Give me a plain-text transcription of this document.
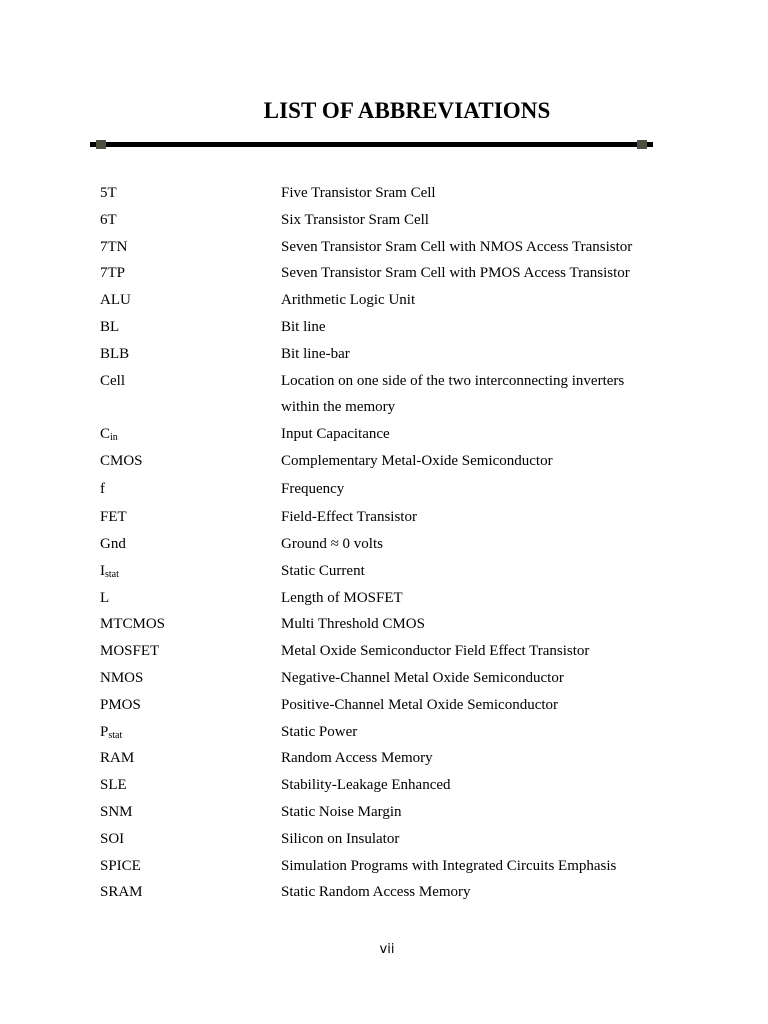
LIST OF ABBREVIATIONS
5T	Five Transistor Sram Cell
6T	Six Transistor Sram Cell
7TN	Seven Transistor Sram Cell with NMOS Access Transistor
7TP	Seven Transistor Sram Cell with PMOS Access Transistor
ALU	Arithmetic Logic Unit
BL	Bit line
BLB	Bit line-bar
Cell	Location on one side of the two interconnecting inverters within the memory
$C_{in}$	Input Capacitance
CMOS	Complementary Metal-Oxide Semiconductor
f	Frequency
FET	Field-Effect Transistor
Gnd	Ground ≈ 0 volts
$I_{stat}$	Static Current
L	Length of MOSFET
MTCMOS	Multi Threshold CMOS
MOSFET	Metal Oxide Semiconductor Field Effect Transistor
NMOS	Negative-Channel Metal Oxide Semiconductor
PMOS	Positive-Channel Metal Oxide Semiconductor
$P_{stat}$	Static Power
RAM	Random Access Memory
SLE	Stability-Leakage Enhanced
SNM	Static Noise Margin
SOI	Silicon on Insulator
SPICE	Simulation Programs with Integrated Circuits Emphasis
SRAM	Static Random Access Memory
vii
